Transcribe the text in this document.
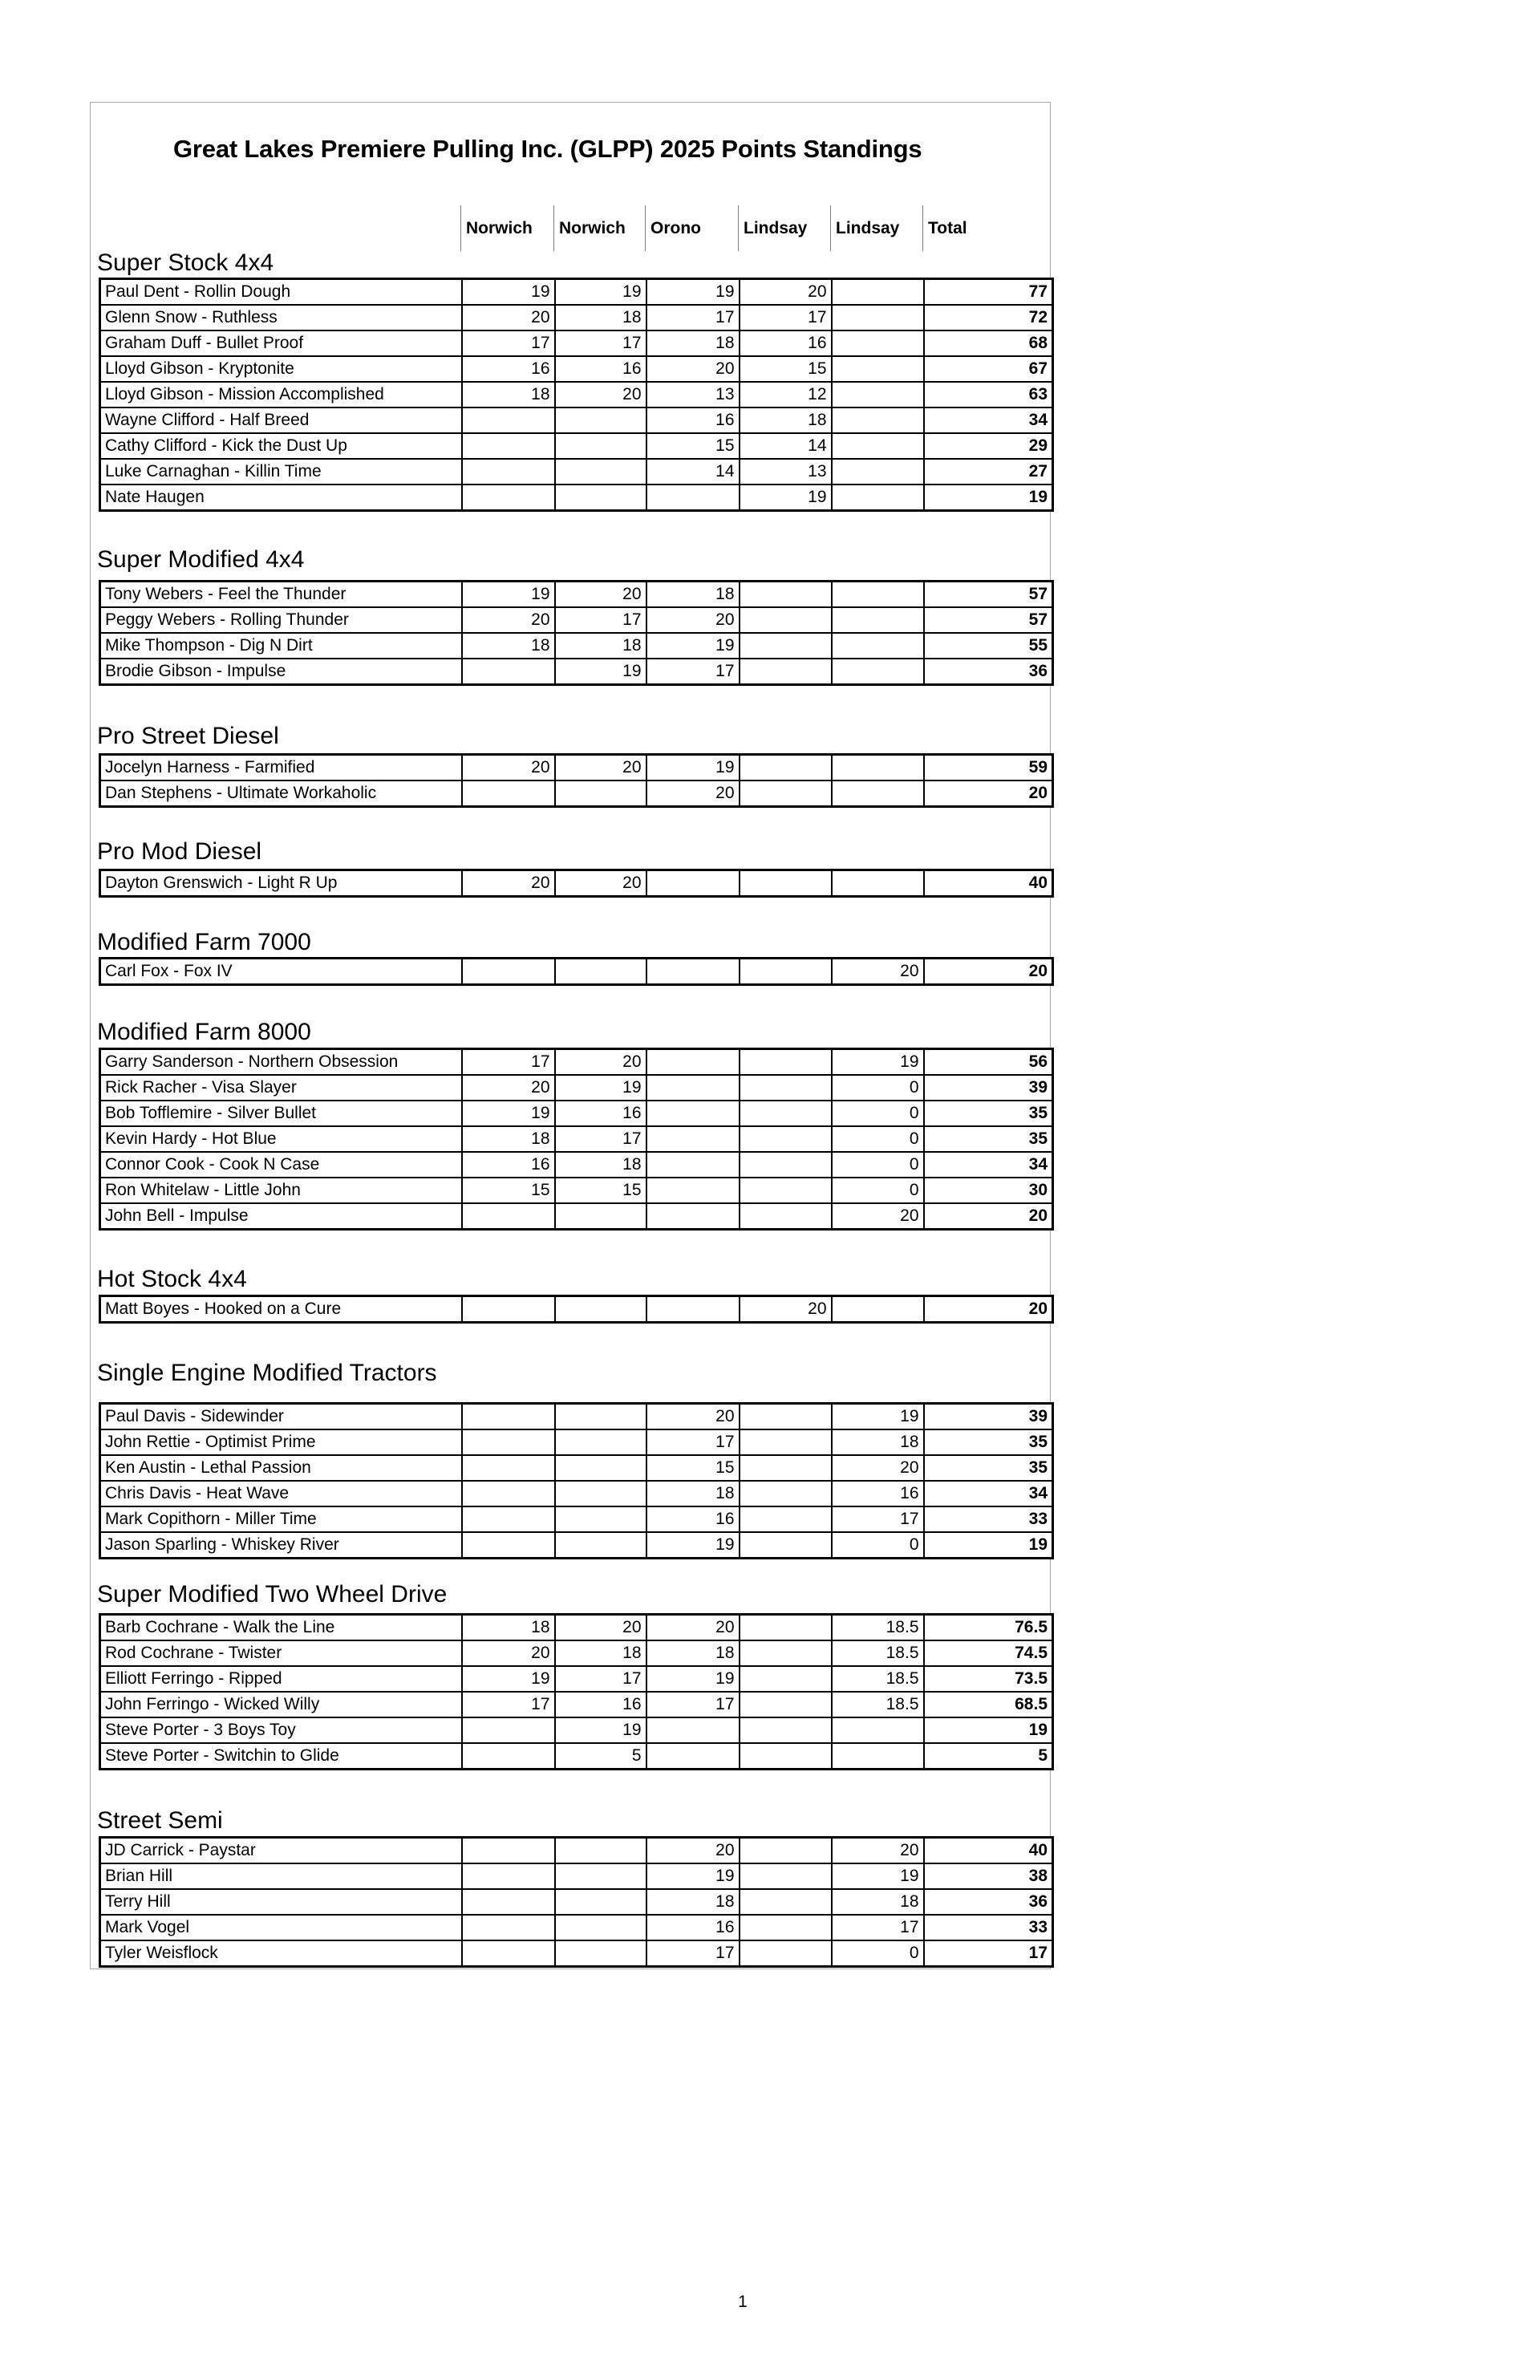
Great Lakes Premiere Pulling Inc. (GLPP) 2025 Points Standings
Norwich	Norwich	Orono	Lindsay	Lindsay	Total
Super Stock 4x4
Paul Dent - Rollin Dough	19	19	19	20		77
Glenn Snow - Ruthless	20	18	17	17		72
Graham Duff - Bullet Proof	17	17	18	16		68
Lloyd Gibson - Kryptonite	16	16	20	15		67
Lloyd Gibson - Mission Accomplished	18	20	13	12		63
Wayne Clifford - Half Breed			16	18		34
Cathy Clifford - Kick the Dust Up			15	14		29
Luke Carnaghan - Killin Time			14	13		27
Nate Haugen				19		19
Super Modified 4x4
Tony Webers - Feel the Thunder	19	20	18			57
Peggy Webers - Rolling Thunder	20	17	20			57
Mike Thompson - Dig N Dirt	18	18	19			55
Brodie Gibson - Impulse		19	17			36
Pro Street Diesel
Jocelyn Harness - Farmified	20	20	19			59
Dan Stephens - Ultimate Workaholic			20			20
Pro Mod Diesel
Dayton Grenswich - Light R Up	20	20				40
Modified Farm 7000
Carl Fox - Fox IV					20	20
Modified Farm 8000
Garry Sanderson - Northern Obsession	17	20			19	56
Rick Racher - Visa Slayer	20	19			0	39
Bob Tofflemire - Silver Bullet	19	16			0	35
Kevin Hardy - Hot Blue	18	17			0	35
Connor Cook - Cook N Case	16	18			0	34
Ron Whitelaw - Little John	15	15			0	30
John Bell - Impulse					20	20
Hot Stock 4x4
Matt Boyes - Hooked on a Cure				20		20
Single Engine Modified Tractors
Paul Davis - Sidewinder			20		19	39
John Rettie - Optimist Prime			17		18	35
Ken Austin - Lethal Passion			15		20	35
Chris Davis - Heat Wave			18		16	34
Mark Copithorn - Miller Time			16		17	33
Jason Sparling - Whiskey River			19		0	19
Super Modified Two Wheel Drive
Barb Cochrane - Walk the Line	18	20	20		18.5	76.5
Rod Cochrane - Twister	20	18	18		18.5	74.5
Elliott Ferringo - Ripped	19	17	19		18.5	73.5
John Ferringo - Wicked Willy	17	16	17		18.5	68.5
Steve Porter - 3 Boys Toy		19				19
Steve Porter - Switchin to Glide		5				5
Street Semi
JD Carrick - Paystar			20		20	40
Brian Hill			19		19	38
Terry Hill			18		18	36
Mark Vogel			16		17	33
Tyler Weisflock			17		0	17
1
